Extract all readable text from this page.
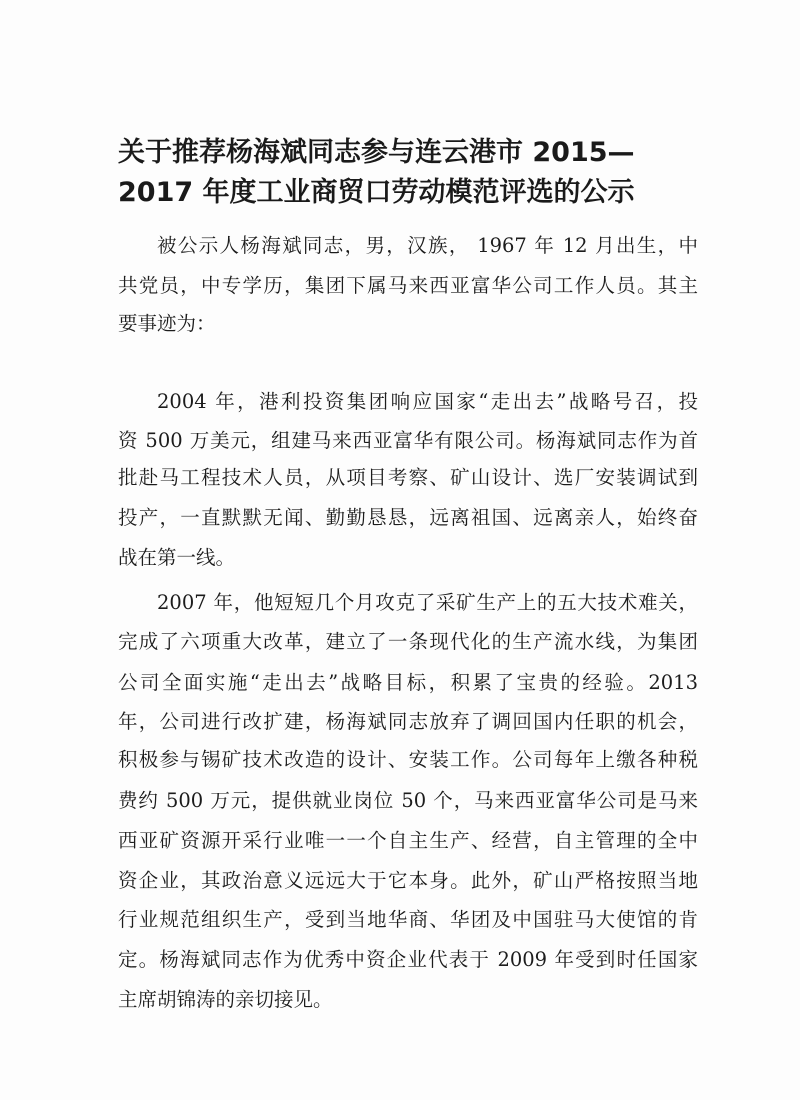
关于推荐杨海斌同志参与连云港市 2015—
2017 年度工业商贸口劳动模范评选的公示
被公示人杨海斌同志，男，汉族， 1967 年 12 月出生，中
共党员，中专学历，集团下属马来西亚富华公司工作人员。其主
要事迹为：
2004 年，港利投资集团响应国家“走出去”战略号召，投
资 500 万美元，组建马来西亚富华有限公司。杨海斌同志作为首
批赴马工程技术人员，从项目考察、矿山设计、选厂安装调试到
投产，一直默默无闻、勤勤恳恳，远离祖国、远离亲人，始终奋
战在第一线。
2007 年，他短短几个月攻克了采矿生产上的五大技术难关，
完成了六项重大改革，建立了一条现代化的生产流水线，为集团
公司全面实施“走出去”战略目标，积累了宝贵的经验。2013
年，公司进行改扩建，杨海斌同志放弃了调回国内任职的机会，
积极参与锡矿技术改造的设计、安装工作。公司每年上缴各种税
费约 500 万元，提供就业岗位 50 个，马来西亚富华公司是马来
西亚矿资源开采行业唯一一个自主生产、经营，自主管理的全中
资企业，其政治意义远远大于它本身。此外，矿山严格按照当地
行业规范组织生产，受到当地华商、华团及中国驻马大使馆的肯
定。杨海斌同志作为优秀中资企业代表于 2009 年受到时任国家
主席胡锦涛的亲切接见。
